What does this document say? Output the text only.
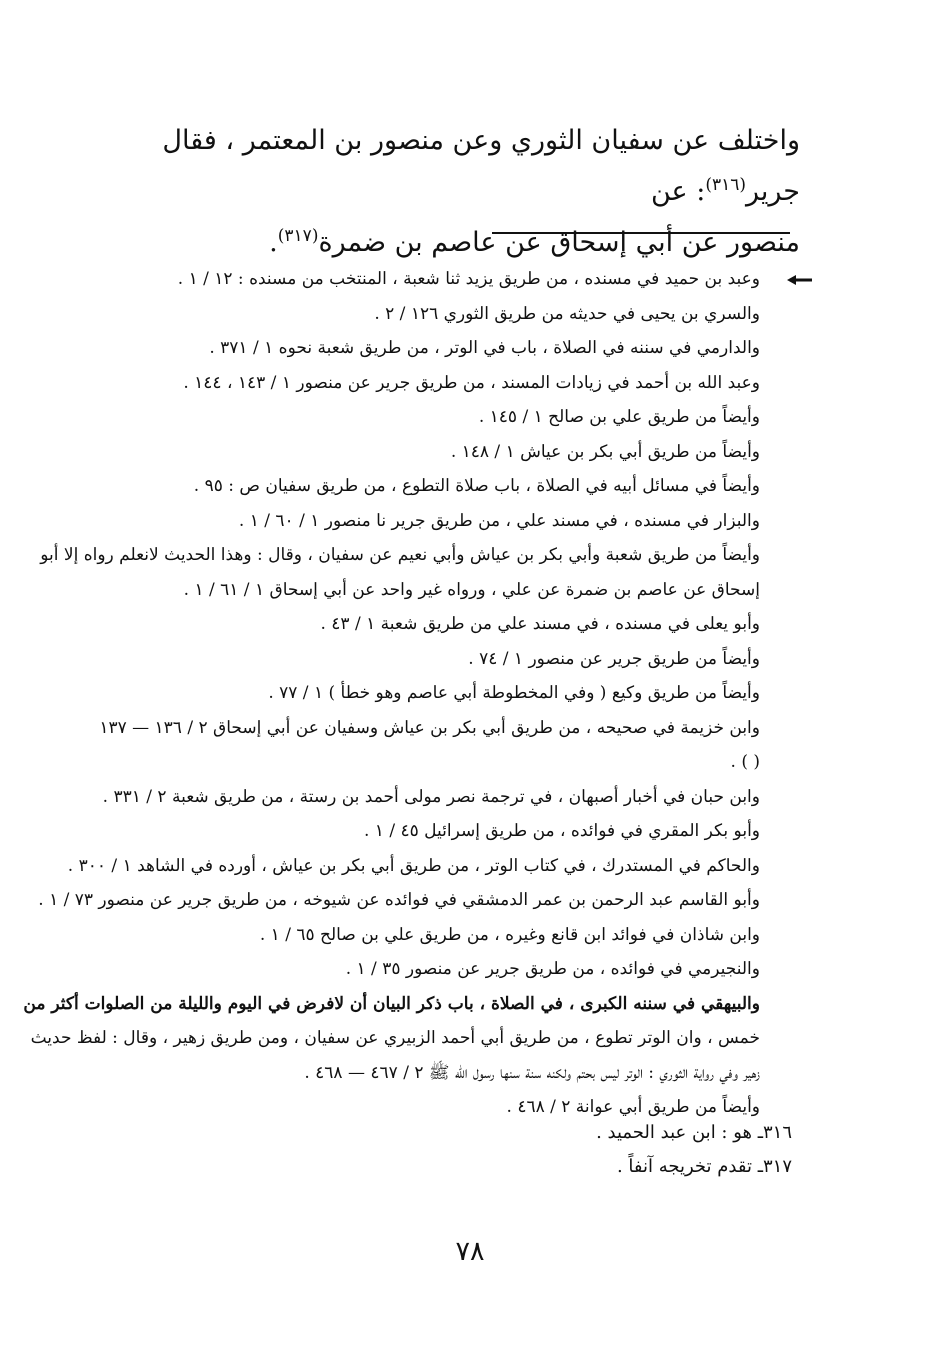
واختلف عن سفيان الثوري وعن منصور بن المعتمر ، فقال جرير$^{(٣١٦)}$: عن
منصور عن أبي إسحاق عن عاصم بن ضمرة$^{(٣١٧)}$.

وعبد بن حميد في مسنده ، من طريق يزيد ثنا شعبة ، المنتخب من مسنده : ١٢ / ١ .

والسري بن يحيى في حديثه من طريق الثوري ١٢٦ / ٢ .

والدارمي في سننه في الصلاة ، باب في الوتر ، من طريق شعبة نحوه ١ / ٣٧١ .

وعبد الله بن أحمد في زيادات المسند ، من طريق جرير عن منصور ١ / ١٤٣ ، ١٤٤ .

وأيضاً من طريق علي بن صالح ١ / ١٤٥ .

وأيضاً من طريق أبي بكر بن عياش ١ / ١٤٨ .

وأيضاً في مسائل أبيه في الصلاة ، باب صلاة التطوع ، من طريق سفيان ص : ٩٥ .

والبزار في مسنده ، في مسند علي ، من طريق جرير نا منصور ١ / ٦٠ / ١ .

وأيضاً من طريق شعبة وأبي بكر بن عياش وأبي نعيم عن سفيان ، وقال : وهذا الحديث لانعلم رواه إلا أبو

إسحاق عن عاصم بن ضمرة عن علي ، ورواه غير واحد عن أبي إسحاق ١ / ٦١ / ١ .

وأبو يعلى في مسنده ، في مسند علي من طريق شعبة ١ / ٤٣ .

وأيضاً من طريق جرير عن منصور ١ / ٧٤ .

وأيضاً من طريق وكيع ( وفي المخطوطة أبي عاصم وهو خطأ ) ١ / ٧٧ .

وابن خزيمة في صحيحه ، من طريق أبي بكر بن عياش وسفيان عن أبي إسحاق ٢ / ١٣٦ — ١٣٧

( ) .

وابن حبان في أخبار أصبهان ، في ترجمة نصر مولى أحمد بن رستة ، من طريق شعبة ٢ / ٣٣١ .

وأبو بكر المقري في فوائده ، من طريق إسرائيل ٤٥ / ١ .

والحاكم في المستدرك ، في كتاب الوتر ، من طريق أبي بكر بن عياش ، أورده في الشاهد ١ / ٣٠٠ .

وأبو القاسم عبد الرحمن بن عمر الدمشقي في فوائده عن شيوخه ، من طريق جرير عن منصور ٧٣ / ١ .

وابن شاذان في فوائد ابن قانع وغيره ، من طريق علي بن صالح ٦٥ / ١ .

والنجيرمي في فوائده ، من طريق جرير عن منصور ٣٥ / ١ .

والبيهقي في سننه الكبرى ، في الصلاة ، باب ذكر البيان أن لافرض في اليوم والليلة من الصلوات أكثر من

خمس ، وان الوتر تطوع ، من طريق أبي أحمد الزبيري عن سفيان ، ومن طريق زهير ، وقال : لفظ حديث

زهير وفي رواية الثوري : الوتر ليس بحتم ولكنه سنة سنها رسول الله ﷺ ٢ / ٤٦٧ — ٤٦٨ .

وأيضاً من طريق أبي عوانة ٢ / ٤٦٨ .

٣١٦ـ هو : ابن عبد الحميد .

٣١٧ـ تقدم تخريجه آنفاً .

٧٨
